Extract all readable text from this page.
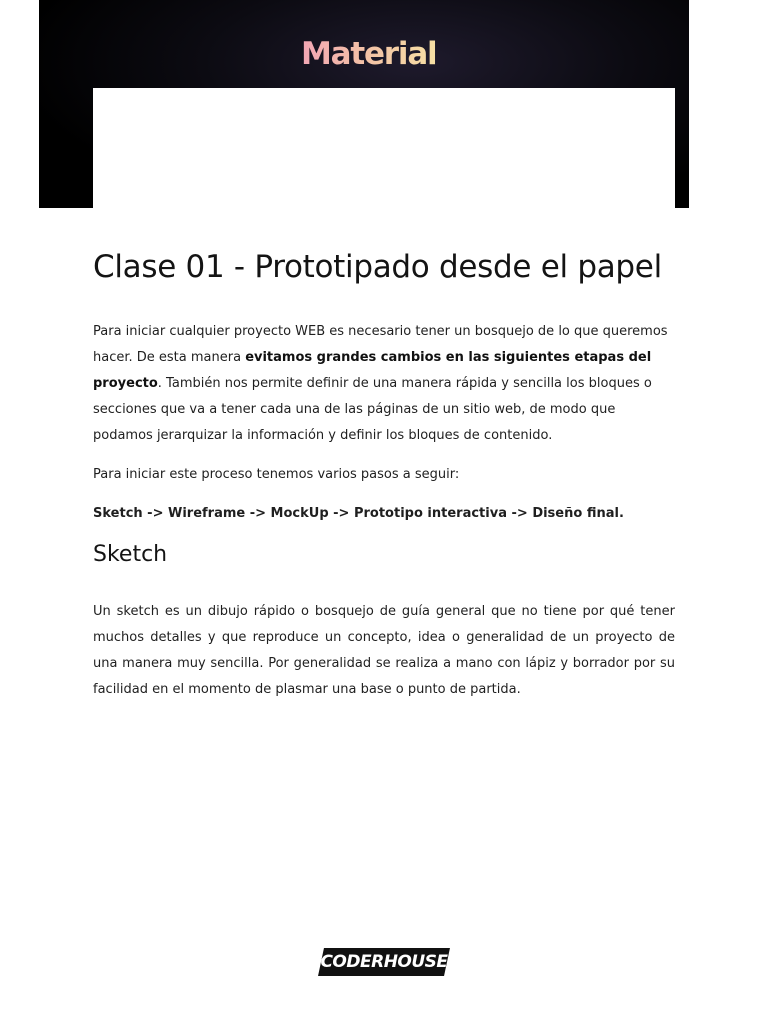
Material
Clase 01 - Prototipado desde el papel

Para iniciar cualquier proyecto WEB es necesario tener un bosquejo de lo que queremos hacer. De esta manera evitamos grandes cambios en las siguientes etapas del proyecto. También nos permite definir de una manera rápida y sencilla los bloques o secciones que va a tener cada una de las páginas de un sitio web, de modo que podamos jerarquizar la información y definir los bloques de contenido.

Para iniciar este proceso tenemos varios pasos a seguir:

Sketch -> Wireframe -> MockUp -> Prototipo interactiva -> Diseño final.

Sketch

Un sketch es un dibujo rápido o bosquejo de guía general que no tiene por qué tener muchos detalles y que reproduce un concepto, idea o generalidad de un proyecto de una manera muy sencilla. Por generalidad se realiza a mano con lápiz y borrador por su facilidad en el momento de plasmar una base o punto de partida.

CODERHOUSE
